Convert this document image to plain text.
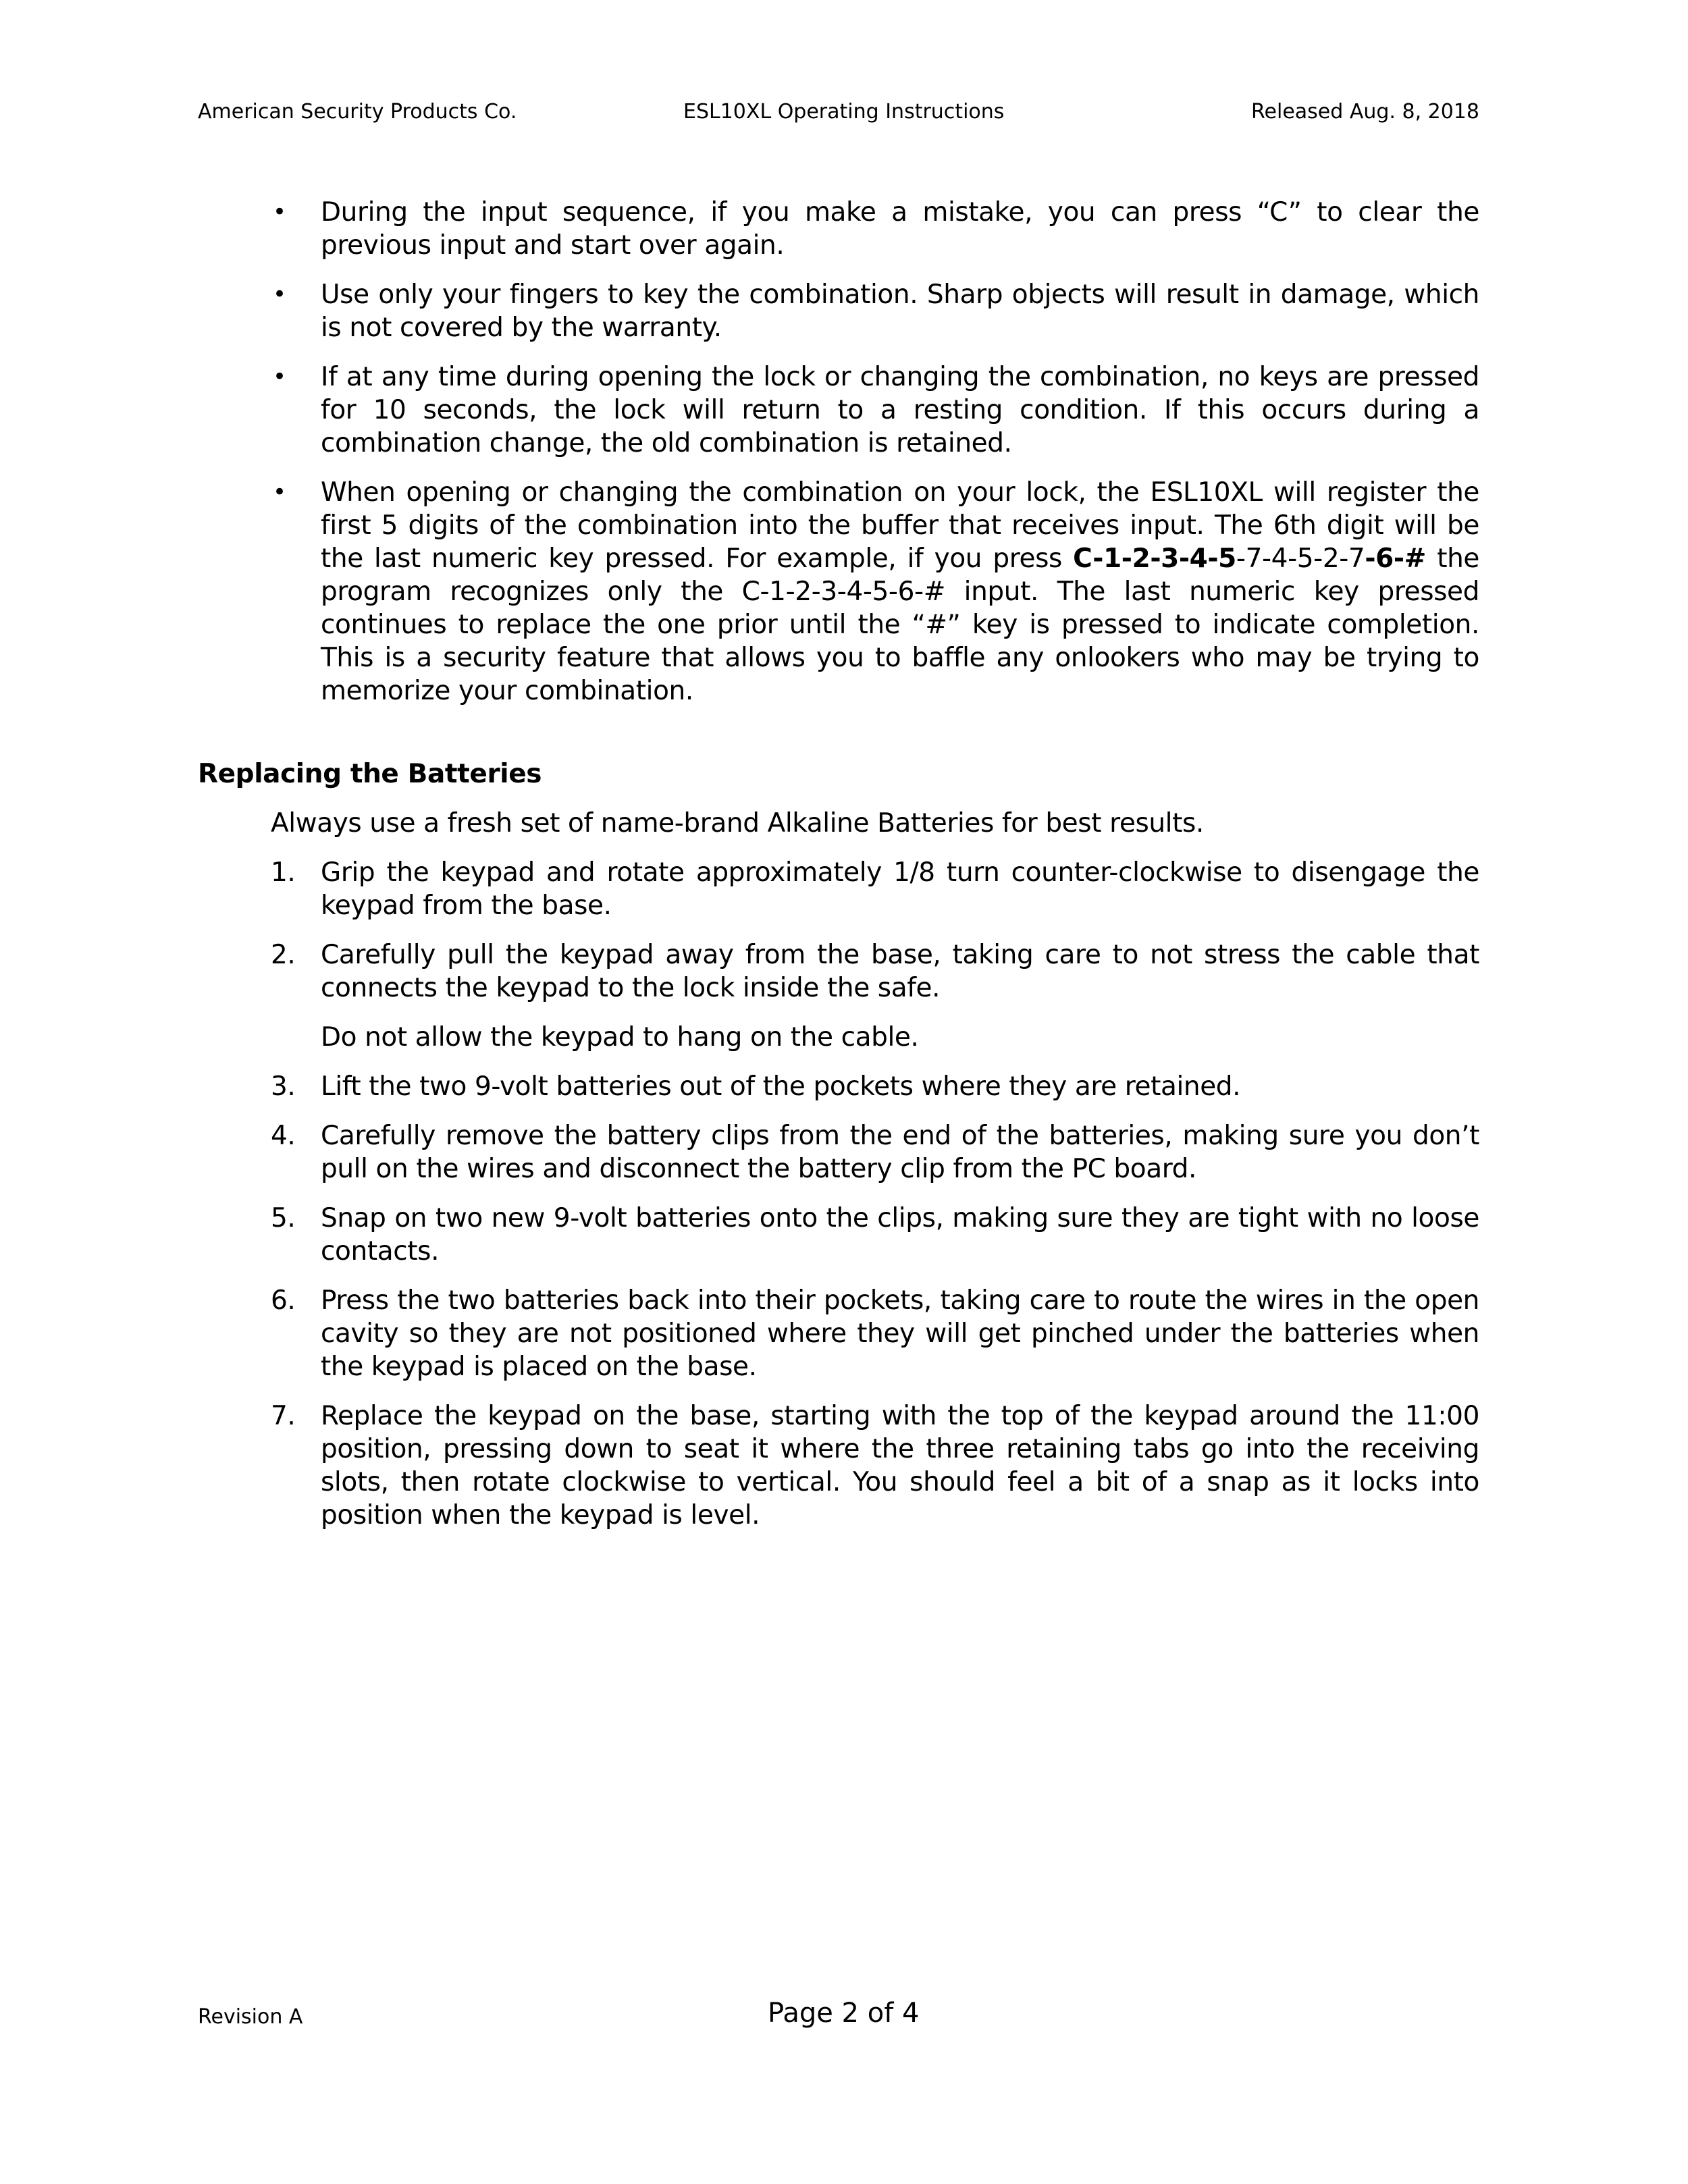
American Security Products Co.	ESL10XL Operating Instructions	Released Aug. 8, 2018
• During the input sequence, if you make a mistake, you can press “C” to clear the previous input and start over again.
• Use only your fingers to key the combination. Sharp objects will result in damage, which is not covered by the warranty.
• If at any time during opening the lock or changing the combination, no keys are pressed for 10 seconds, the lock will return to a resting condition. If this occurs during a combination change, the old combination is retained.
• When opening or changing the combination on your lock, the ESL10XL will register the first 5 digits of the combination into the buffer that receives input. The 6th digit will be the last numeric key pressed. For example, if you press C-1-2-3-4-5-7-4-5-2-7-6-# the program recognizes only the C-1-2-3-4-5-6-# input. The last numeric key pressed continues to replace the one prior until the “#” key is pressed to indicate completion. This is a security feature that allows you to baffle any onlookers who may be trying to memorize your combination.
Replacing the Batteries
Always use a fresh set of name-brand Alkaline Batteries for best results.
1. Grip the keypad and rotate approximately 1/8 turn counter-clockwise to disengage the keypad from the base.
2. Carefully pull the keypad away from the base, taking care to not stress the cable that connects the keypad to the lock inside the safe.
Do not allow the keypad to hang on the cable.
3. Lift the two 9-volt batteries out of the pockets where they are retained.
4. Carefully remove the battery clips from the end of the batteries, making sure you don’t pull on the wires and disconnect the battery clip from the PC board.
5. Snap on two new 9-volt batteries onto the clips, making sure they are tight with no loose contacts.
6. Press the two batteries back into their pockets, taking care to route the wires in the open cavity so they are not positioned where they will get pinched under the batteries when the keypad is placed on the base.
7. Replace the keypad on the base, starting with the top of the keypad around the 11:00 position, pressing down to seat it where the three retaining tabs go into the receiving slots, then rotate clockwise to vertical. You should feel a bit of a snap as it locks into position when the keypad is level.
Revision A	Page 2 of 4
